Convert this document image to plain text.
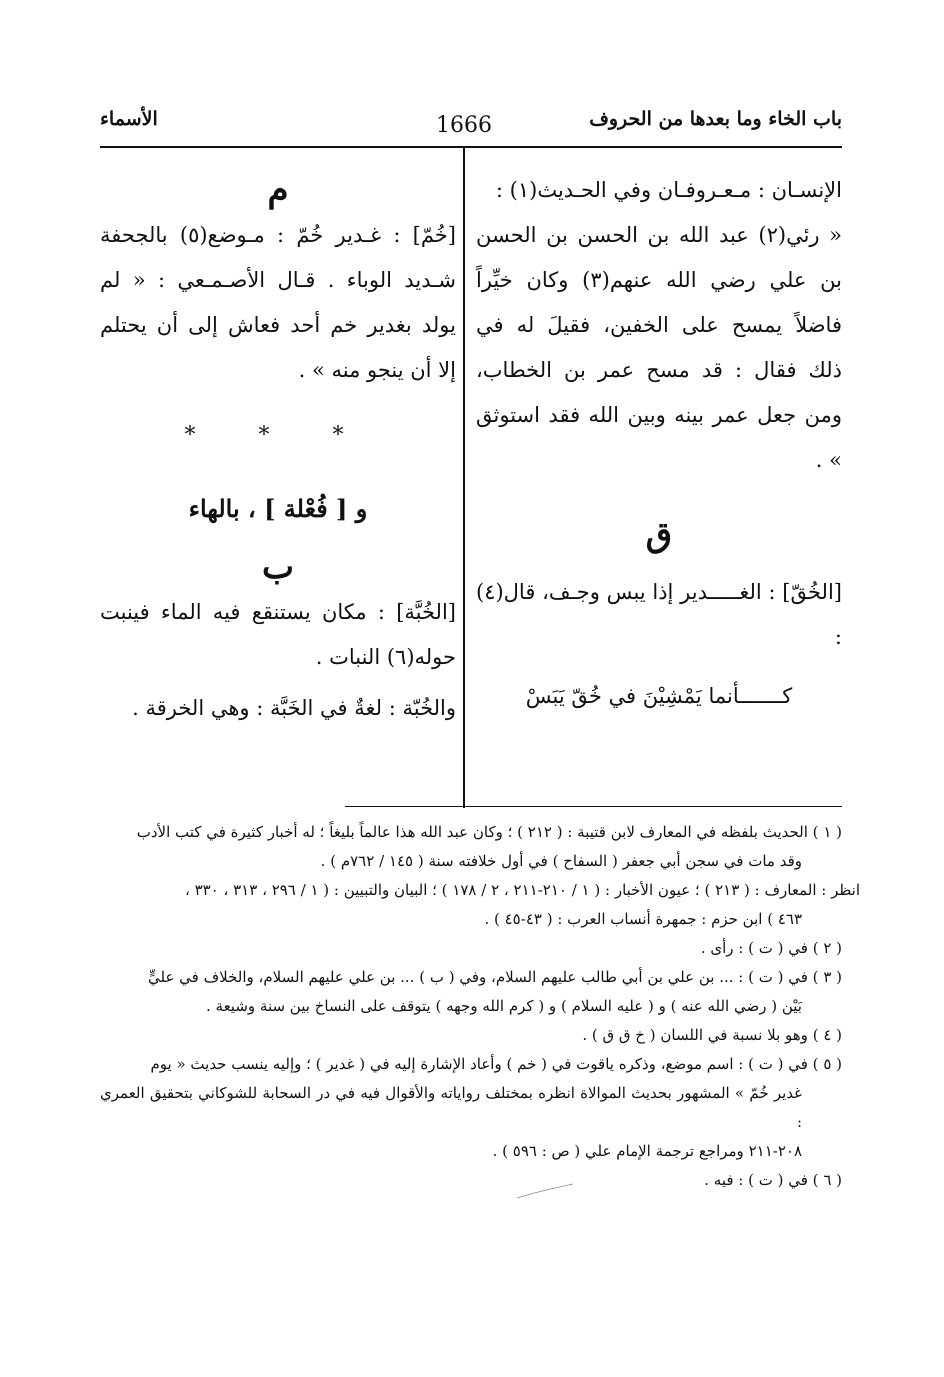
باب الخاء وما بعدها من الحروف
1666
الأسماء

الإنسـان : مـعـروفـان وفي الحـديث(١) :

« رئي(٢) عبد الله بن الحسن بن الحسن بن علي رضي الله عنهم(٣) وكان خيِّراً فاضلاً يمسح على الخفين، فقيلَ له في ذلك فقال : قد مسح عمر بن الخطاب، ومن جعل عمر بينه وبين الله فقد استوثق » .

ق

[الخُقّ] : الغـــــدير إذا يبس وجـف، قال(٤) :

كـــــــأنما يَمْشِيْنَ في خُقّ يَبَسْ

م

[خُمّ] : غـدير خُمّ : مـوضع(٥) بالجحفة شـديد الوباء . قـال الأصـمـعي : « لم يولد بغدير خم أحد فعاش إلى أن يحتلم إلا أن ينجو منه » .

* * *

و [ فُعْلة ] ، بالهاء

ب

[الخُبَّة] : مكان يستنقع فيه الماء فينبت حوله(٦) النبات .

والخُبّة : لغةٌ في الخَبَّة : وهي الخرقة .

( ١ ) الحديث بلفظه في المعارف لابن قتيبة : ( ٢١٢ ) ؛ وكان عبد الله هذا عالماً بليغاً ؛ له أخبار كثيرة في كتب الأدب

وقد مات في سجن أبي جعفر ( السفاح ) في أول خلافته سنة ( ١٤٥ / ٧٦٢م ) .

انظر : المعارف : ( ٢١٣ ) ؛ عيون الأخبار : ( ١ / ٢١٠-٢١١ ، ٢ / ١٧٨ ) ؛ البيان والتبيين : ( ١ / ٢٩٦ ، ٣١٣ ، ٣٣٠ ،

٤٦٣ ) ابن حزم : جمهرة أنساب العرب : ( ٤٣-٤٥ ) .

( ٢ ) في ( ت ) : رأى .

( ٣ ) في ( ت ) : ... بن علي بن أبي طالب عليهم السلام، وفي ( ب ) ... بن علي عليهم السلام، والخلاف في عليٍّ

بَيْن ( رضي الله عنه ) و ( عليه السلام ) و ( كرم الله وجهه ) يتوقف على النساخ بين سنة وشيعة .

( ٤ ) وهو بلا نسبة في اللسان ( خ ق ق ) .

( ٥ ) في ( ت ) : اسم موضع، وذكره ياقوت في ( خم ) وأعاد الإشارة إليه في ( غدير ) ؛ وإليه ينسب حديث « يوم

غدير خُمّ » المشهور بحديث الموالاة انظره بمختلف رواياته والأقوال فيه في در السحابة للشوكاني بتحقيق العمري :

٢٠٨-٢١١ ومراجع ترجمة الإمام علي ( ص : ٥٩٦ ) .

( ٦ ) في ( ت ) : فيه .
